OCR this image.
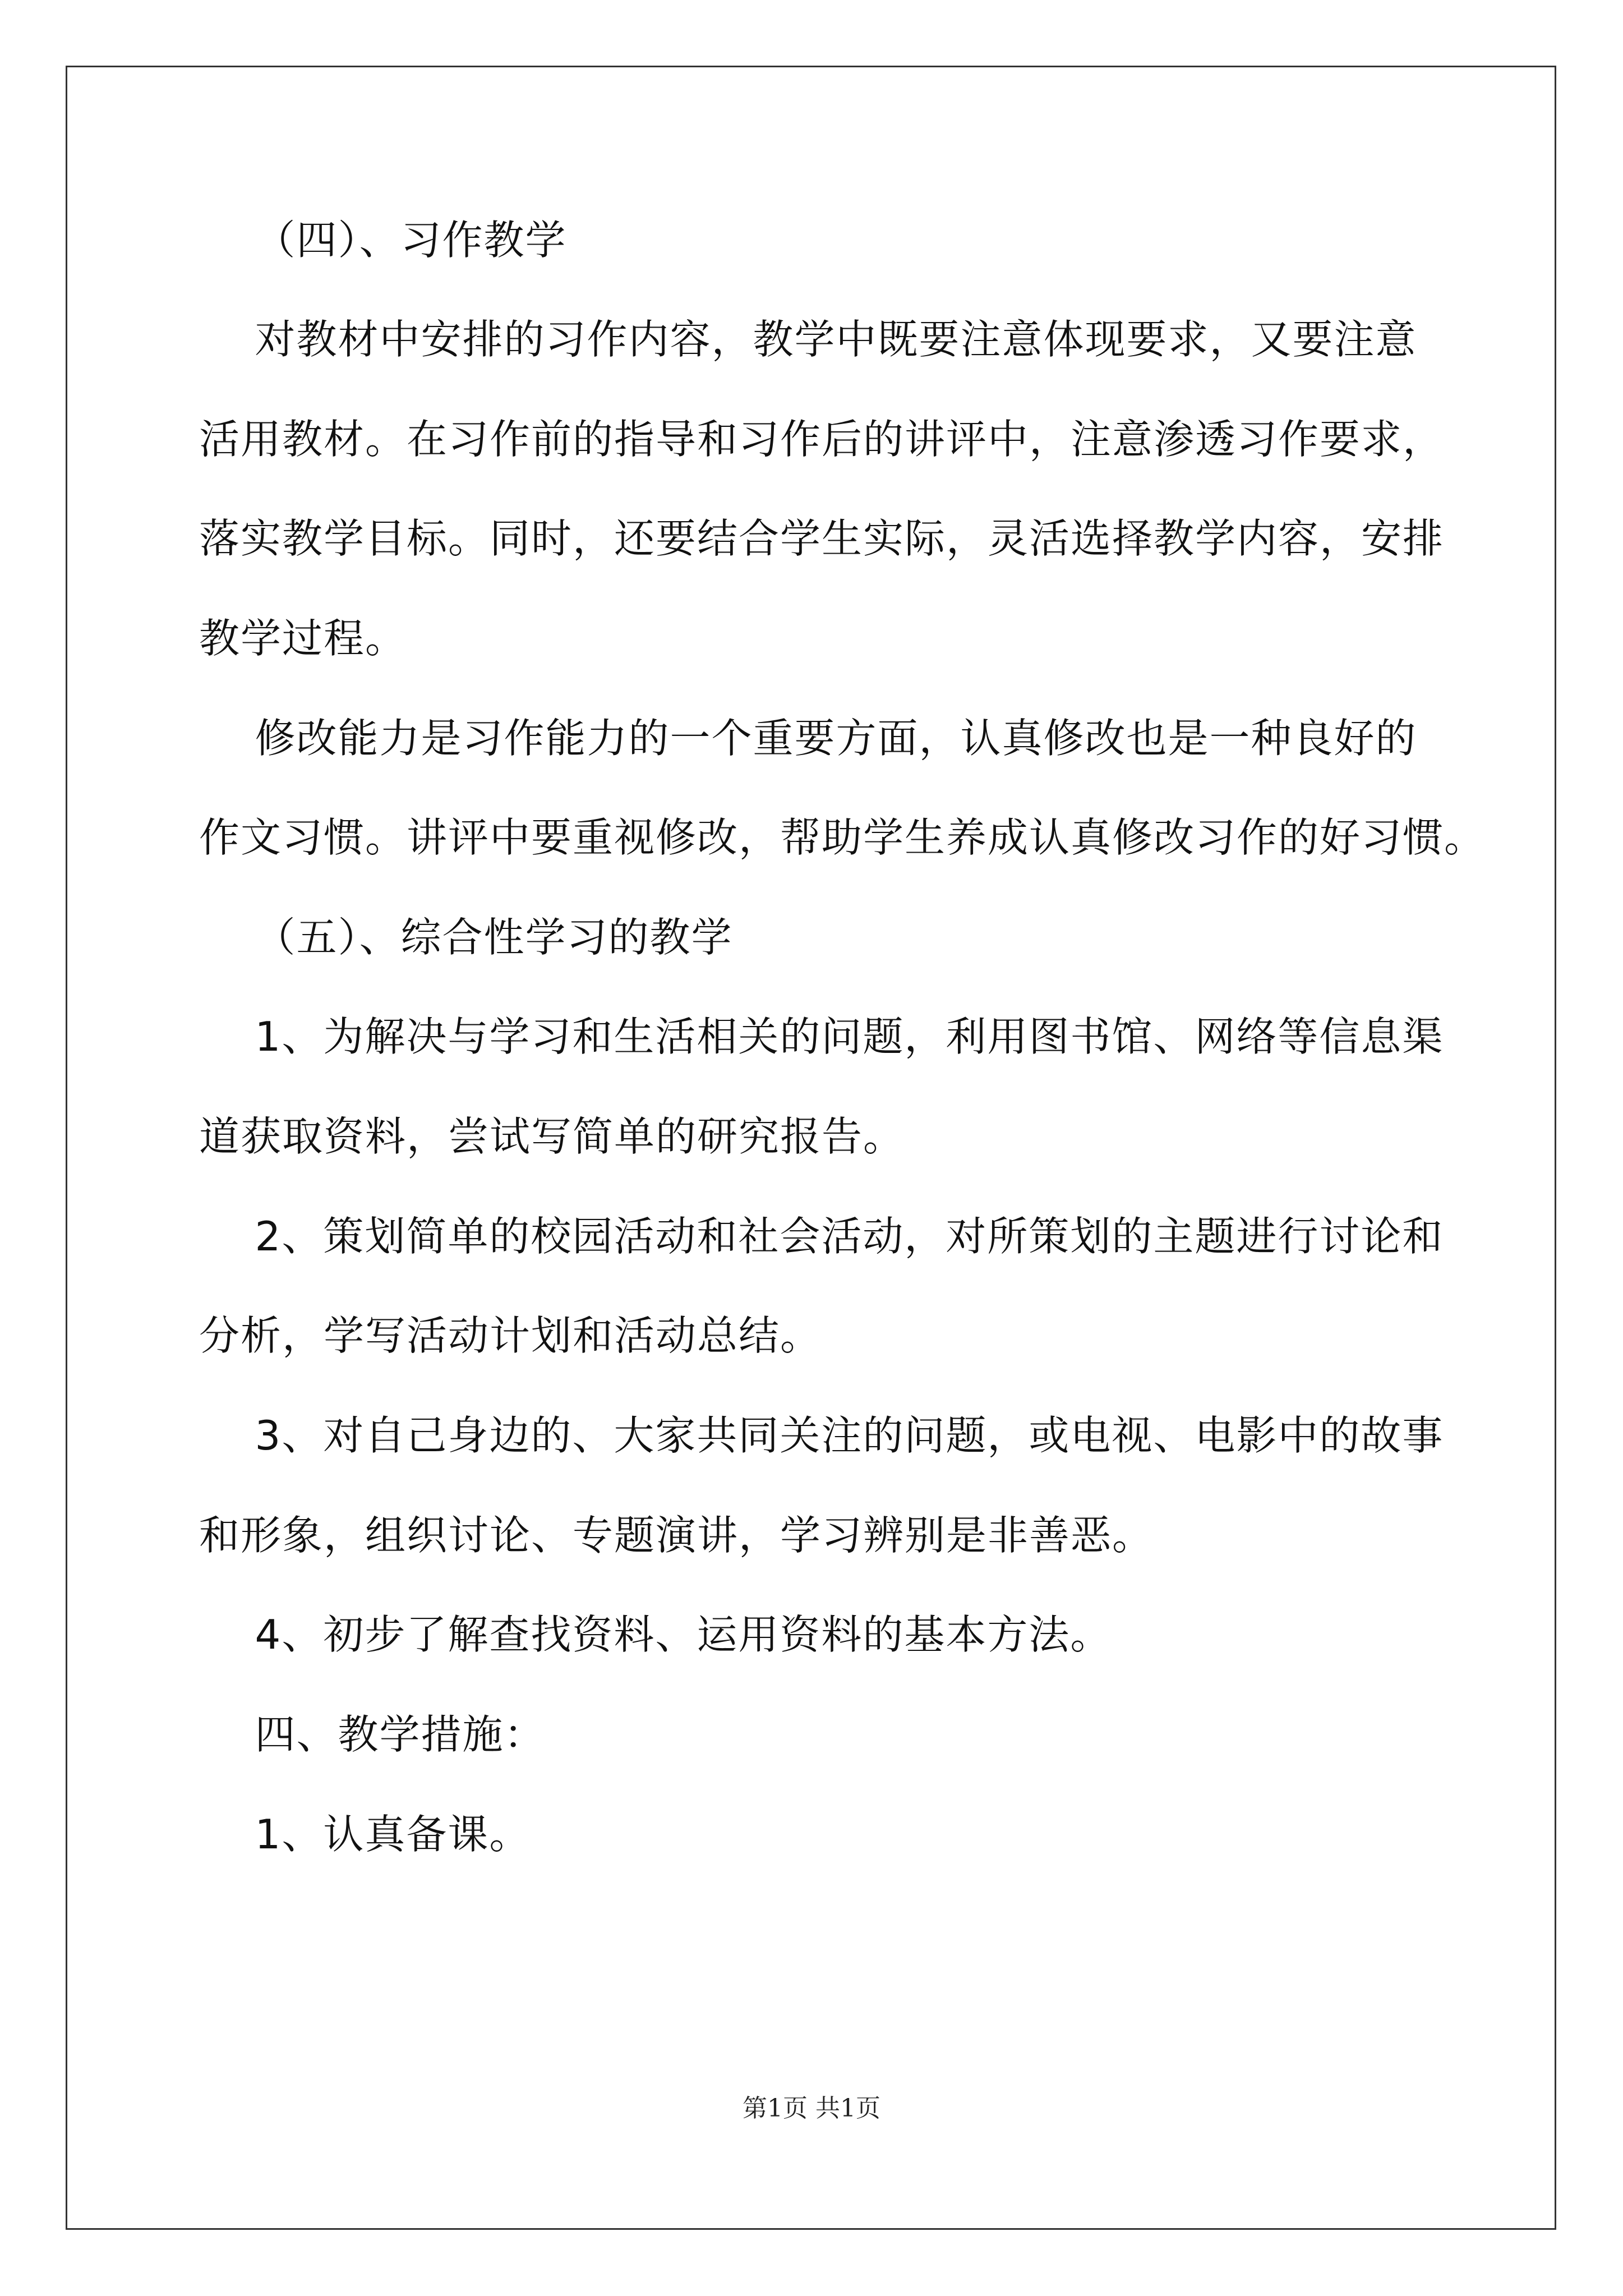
（四）、习作教学

对教材中安排的习作内容，教学中既要注意体现要求，又要注意

活用教材。在习作前的指导和习作后的讲评中，注意渗透习作要求，

落实教学目标。同时，还要结合学生实际，灵活选择教学内容，安排

教学过程。

修改能力是习作能力的一个重要方面，认真修改也是一种良好的

作文习惯。讲评中要重视修改，帮助学生养成认真修改习作的好习惯。

（五）、综合性学习的教学

1、为解决与学习和生活相关的问题，利用图书馆、网络等信息渠

道获取资料，尝试写简单的研究报告。

2、策划简单的校园活动和社会活动，对所策划的主题进行讨论和

分析，学写活动计划和活动总结。

3、对自己身边的、大家共同关注的问题，或电视、电影中的故事

和形象，组织讨论、专题演讲，学习辨别是非善恶。

4、初步了解查找资料、运用资料的基本方法。

四、教学措施：

1、认真备课。

第1页 共1页
